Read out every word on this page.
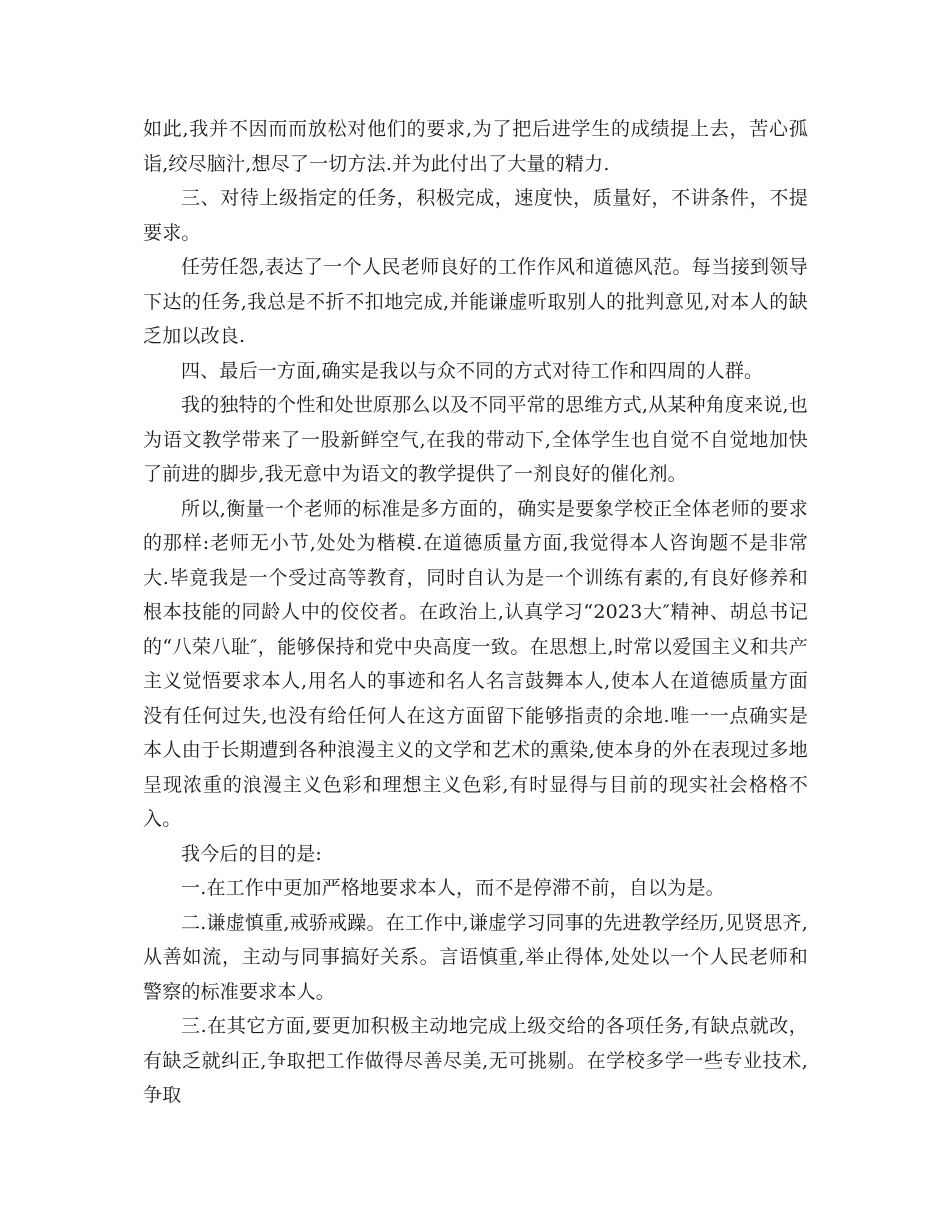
如此,我并不因而而放松对他们的要求,为了把后进学生的成绩提上去，苦心孤诣,绞尽脑汁,想尽了一切方法.并为此付出了大量的精力.

三、对待上级指定的任务，积极完成，速度快，质量好，不讲条件，不提要求。

任劳任怨,表达了一个人民老师良好的工作作风和道德风范。每当接到领导下达的任务,我总是不折不扣地完成,并能谦虚听取别人的批判意见,对本人的缺乏加以改良.

四、最后一方面,确实是我以与众不同的方式对待工作和四周的人群。

我的独特的个性和处世原那么以及不同平常的思维方式,从某种角度来说,也为语文教学带来了一股新鲜空气,在我的带动下,全体学生也自觉不自觉地加快了前进的脚步,我无意中为语文的教学提供了一剂良好的催化剂。

所以,衡量一个老师的标准是多方面的，确实是要象学校正全体老师的要求的那样:老师无小节,处处为楷模.在道德质量方面,我觉得本人咨询题不是非常大.毕竟我是一个受过高等教育，同时自认为是一个训练有素的,有良好修养和根本技能的同龄人中的佼佼者。在政治上,认真学习“2023大″精神、胡总书记的“八荣八耻″，能够保持和党中央高度一致。在思想上,时常以爱国主义和共产主义觉悟要求本人,用名人的事迹和名人名言鼓舞本人,使本人在道德质量方面没有任何过失,也没有给任何人在这方面留下能够指责的余地.唯一一点确实是本人由于长期遭到各种浪漫主义的文学和艺术的熏染,使本身的外在表现过多地呈现浓重的浪漫主义色彩和理想主义色彩,有时显得与目前的现实社会格格不入。

我今后的目的是:

一.在工作中更加严格地要求本人，而不是停滞不前，自以为是。

二.谦虚慎重,戒骄戒躁。在工作中,谦虚学习同事的先进教学经历,见贤思齐,从善如流，主动与同事搞好关系。言语慎重,举止得体,处处以一个人民老师和警察的标准要求本人。

三.在其它方面,要更加积极主动地完成上级交给的各项任务,有缺点就改，有缺乏就纠正,争取把工作做得尽善尽美,无可挑剔。在学校多学一些专业技术,争取
